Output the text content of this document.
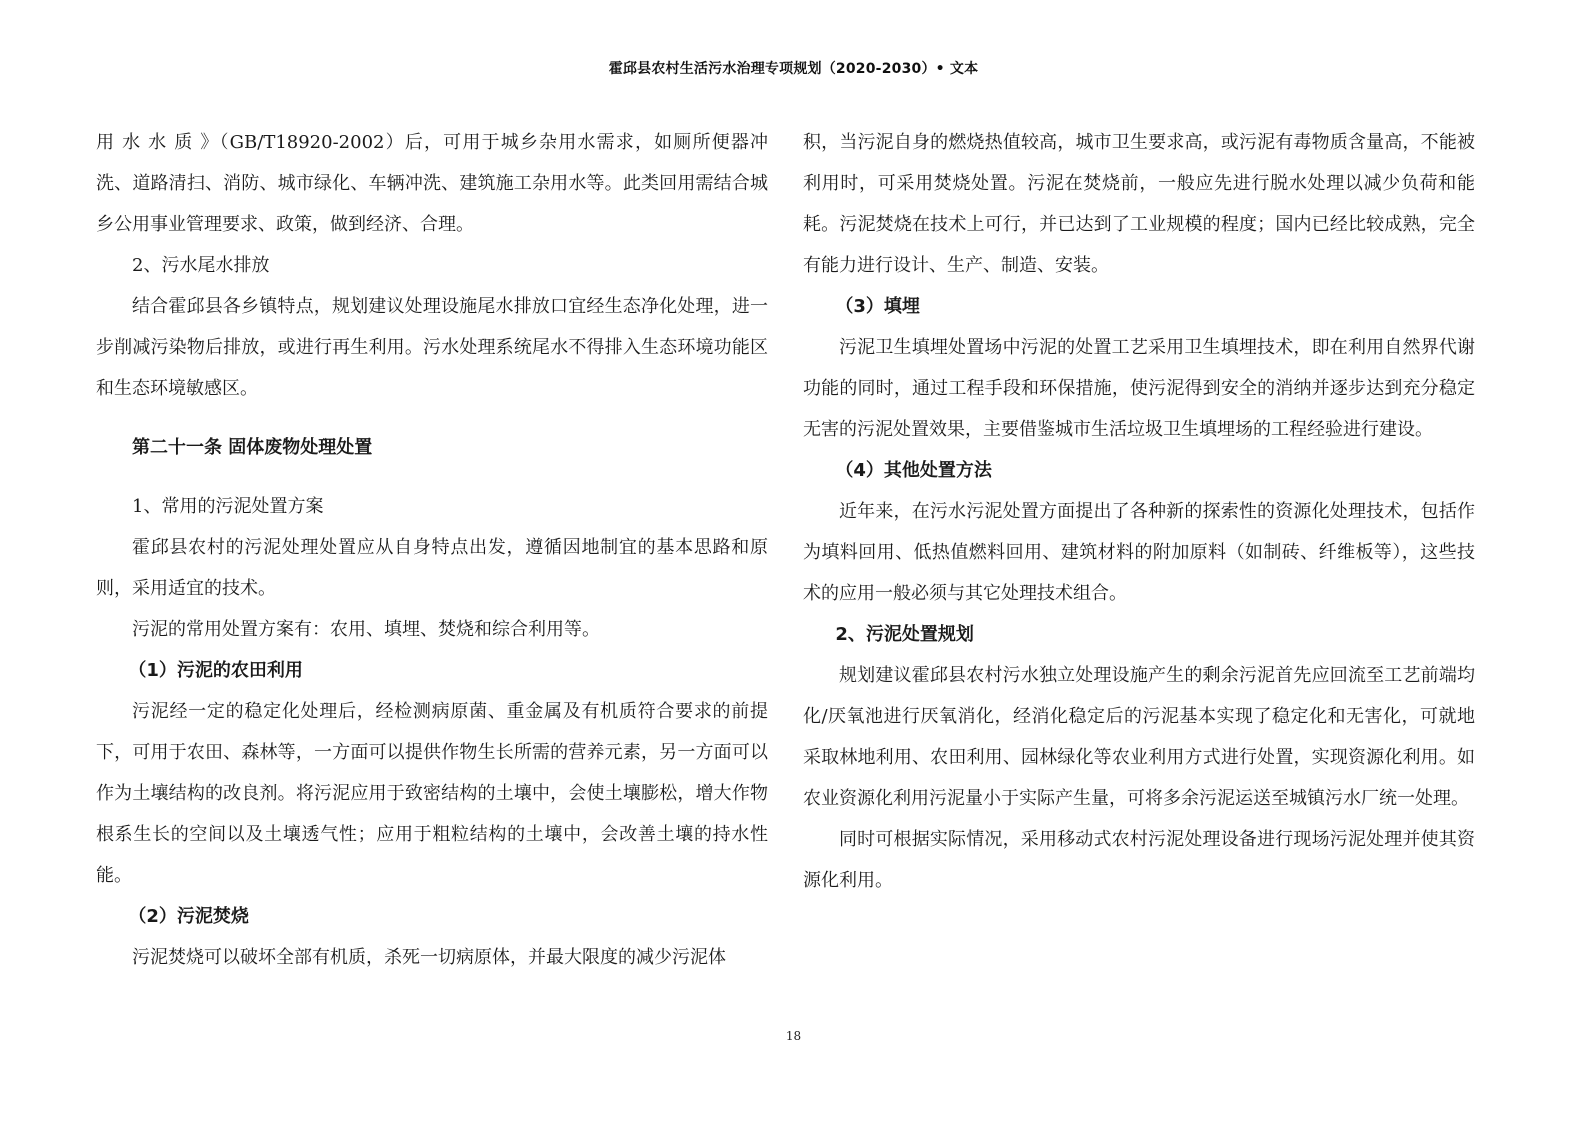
霍邱县农村生活污水治理专项规划（2020-2030）• 文本

用 水 水 质 》（GB/T18920-2002）后，可用于城乡杂用水需求，如厕所便器冲洗、道路清扫、消防、城市绿化、车辆冲洗、建筑施工杂用水等。此类回用需结合城乡公用事业管理要求、政策，做到经济、合理。

2、污水尾水排放

结合霍邱县各乡镇特点，规划建议处理设施尾水排放口宜经生态净化处理，进一步削减污染物后排放，或进行再生利用。污水处理系统尾水不得排入生态环境功能区和生态环境敏感区。

第二十一条 固体废物处理处置

1、常用的污泥处置方案

霍邱县农村的污泥处理处置应从自身特点出发，遵循因地制宜的基本思路和原则，采用适宜的技术。

污泥的常用处置方案有：农用、填埋、焚烧和综合利用等。

（1）污泥的农田利用

污泥经一定的稳定化处理后，经检测病原菌、重金属及有机质符合要求的前提下，可用于农田、森林等，一方面可以提供作物生长所需的营养元素，另一方面可以作为土壤结构的改良剂。将污泥应用于致密结构的土壤中，会使土壤膨松，增大作物根系生长的空间以及土壤透气性；应用于粗粒结构的土壤中，会改善土壤的持水性能。

（2）污泥焚烧

污泥焚烧可以破坏全部有机质，杀死一切病原体，并最大限度的减少污泥体

积，当污泥自身的燃烧热值较高，城市卫生要求高，或污泥有毒物质含量高，不能被利用时，可采用焚烧处置。污泥在焚烧前，一般应先进行脱水处理以减少负荷和能耗。污泥焚烧在技术上可行，并已达到了工业规模的程度；国内已经比较成熟，完全有能力进行设计、生产、制造、安装。

（3）填埋

污泥卫生填埋处置场中污泥的处置工艺采用卫生填埋技术，即在利用自然界代谢功能的同时，通过工程手段和环保措施，使污泥得到安全的消纳并逐步达到充分稳定无害的污泥处置效果，主要借鉴城市生活垃圾卫生填埋场的工程经验进行建设。

（4）其他处置方法

近年来，在污水污泥处置方面提出了各种新的探索性的资源化处理技术，包括作为填料回用、低热值燃料回用、建筑材料的附加原料（如制砖、纤维板等），这些技术的应用一般必须与其它处理技术组合。

2、污泥处置规划

规划建议霍邱县农村污水独立处理设施产生的剩余污泥首先应回流至工艺前端均化/厌氧池进行厌氧消化，经消化稳定后的污泥基本实现了稳定化和无害化，可就地采取林地利用、农田利用、园林绿化等农业利用方式进行处置，实现资源化利用。如农业资源化利用污泥量小于实际产生量，可将多余污泥运送至城镇污水厂统一处理。

同时可根据实际情况，采用移动式农村污泥处理设备进行现场污泥处理并使其资源化利用。

18
